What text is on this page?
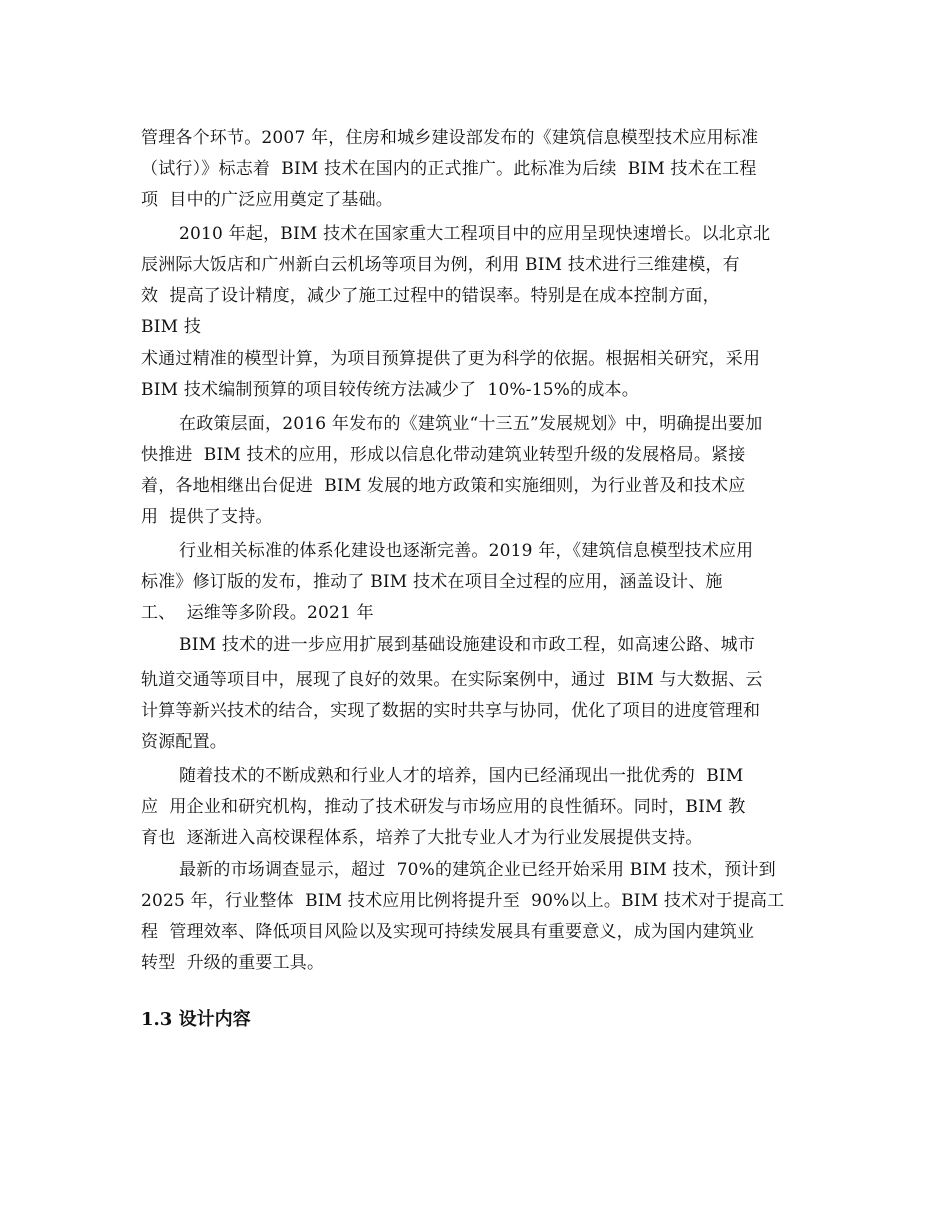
管理各个环节。2007 年，住房和城乡建设部发布的《建筑信息模型技术应用标准
（试行）》标志着  BIM 技术在国内的正式推广。此标准为后续  BIM 技术在工程
项  目中的广泛应用奠定了基础。
2010 年起，BIM 技术在国家重大工程项目中的应用呈现快速增长。以北京北
辰洲际大饭店和广州新白云机场等项目为例，利用 BIM 技术进行三维建模，有
效  提高了设计精度，减少了施工过程中的错误率。特别是在成本控制方面，
BIM 技
术通过精准的模型计算，为项目预算提供了更为科学的依据。根据相关研究，采用
BIM 技术编制预算的项目较传统方法减少了  10%-15%的成本。
在政策层面，2016 年发布的《建筑业“十三五”发展规划》中，明确提出要加
快推进  BIM 技术的应用，形成以信息化带动建筑业转型升级的发展格局。紧接
着，各地相继出台促进  BIM 发展的地方政策和实施细则，为行业普及和技术应
用  提供了支持。
行业相关标准的体系化建设也逐渐完善。2019 年，《建筑信息模型技术应用
标准》修订版的发布，推动了 BIM 技术在项目全过程的应用，涵盖设计、施
工、  运维等多阶段。2021 年
BIM 技术的进一步应用扩展到基础设施建设和市政工程，如高速公路、城市
轨道交通等项目中，展现了良好的效果。在实际案例中，通过  BIM 与大数据、云
计算等新兴技术的结合，实现了数据的实时共享与协同，优化了项目的进度管理和
资源配置。
随着技术的不断成熟和行业人才的培养，国内已经涌现出一批优秀的  BIM
应  用企业和研究机构，推动了技术研发与市场应用的良性循环。同时，BIM 教
育也  逐渐进入高校课程体系，培养了大批专业人才为行业发展提供支持。
最新的市场调查显示，超过  70%的建筑企业已经开始采用 BIM 技术，预计到
2025 年，行业整体  BIM 技术应用比例将提升至  90%以上。BIM 技术对于提高工
程  管理效率、降低项目风险以及实现可持续发展具有重要意义，成为国内建筑业
转型  升级的重要工具。
1.3 设计内容
